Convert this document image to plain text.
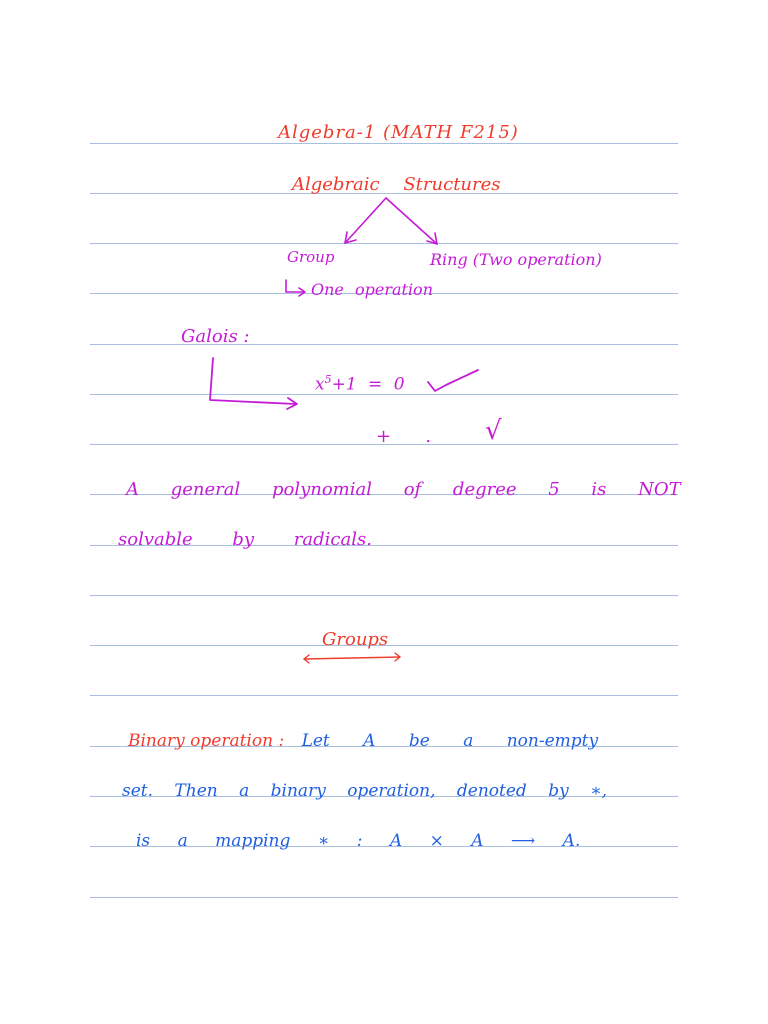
Algebra-1 (MATH F215)
Algebraic Structures
Group	Ring (Two operation)
One operation
Galois :
$x^5+1 = 0$
+      . √
A general polynomial of degree 5 is NOT
solvable by radicals.
Groups
Binary operation : Let A be a non-empty
set. Then a binary operation, denoted by ∗,
is a mapping ∗ : A × A ⟶ A.
